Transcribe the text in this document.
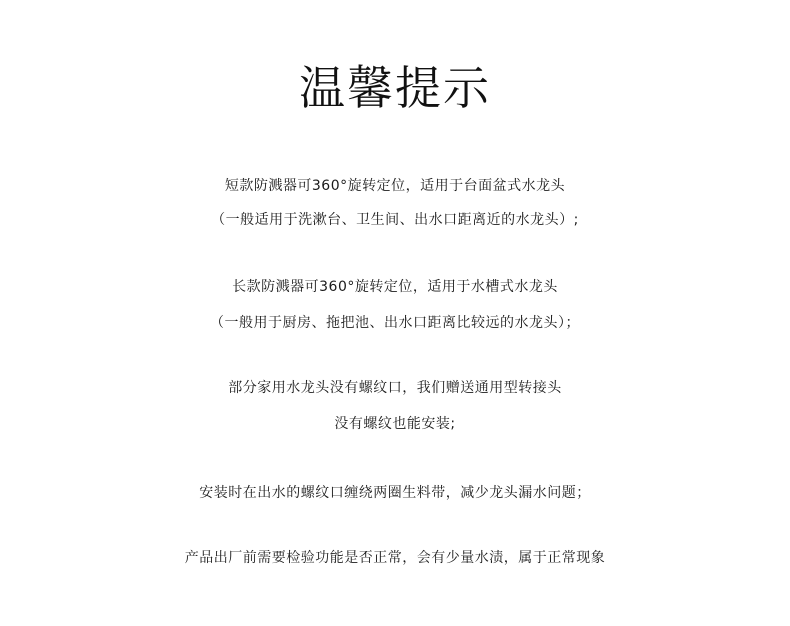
温馨提示
短款防溅器可360°旋转定位，适用于台面盆式水龙头
（一般适用于洗漱台、卫生间、出水口距离近的水龙头）;
长款防溅器可360°旋转定位，适用于水槽式水龙头
（一般用于厨房、拖把池、出水口距离比较远的水龙头）；
部分家用水龙头没有螺纹口，我们赠送通用型转接头
没有螺纹也能安装;
安装时在出水的螺纹口缠绕两圈生料带，减少龙头漏水问题；
产品出厂前需要检验功能是否正常，会有少量水渍，属于正常现象
